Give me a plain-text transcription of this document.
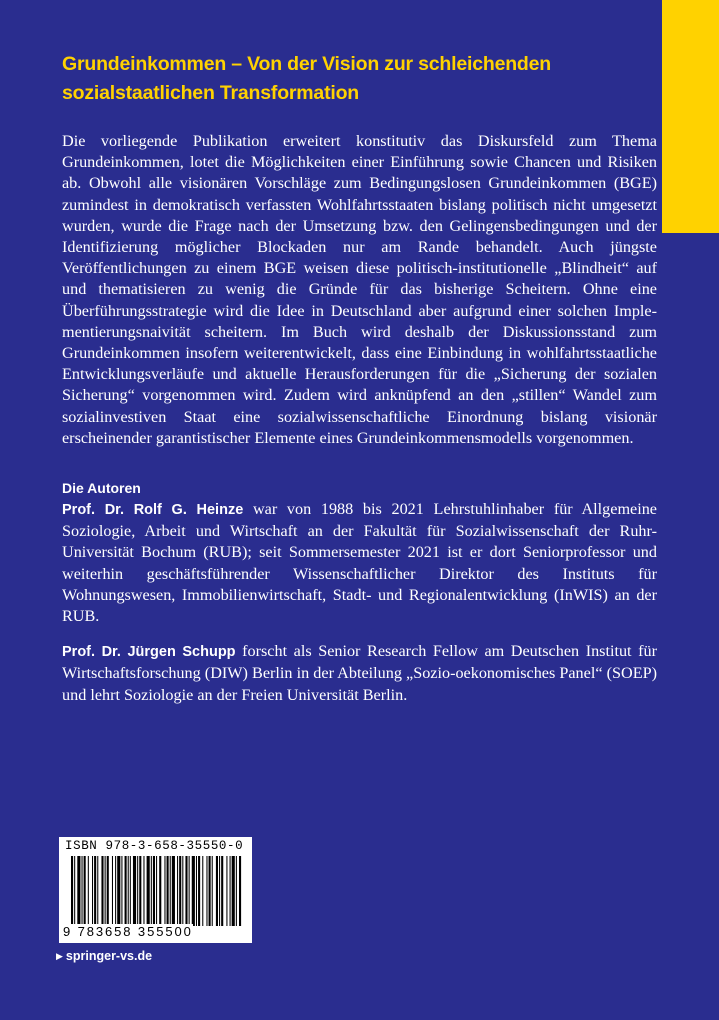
Grundeinkommen – Von der Vision zur schleichenden
sozialstaatlichen Transformation

Die vorliegende Publikation erweitert konstitutiv das Diskursfeld zum Thema Grundeinkommen, lotet die Möglichkeiten einer Einführung sowie Chancen und Risiken ab. Obwohl alle visionären Vorschläge zum Bedingungslosen Grundeinkommen (BGE) zumindest in demokratisch verfassten Wohlfahrtsstaaten bislang politisch nicht umgesetzt wurden, wurde die Frage nach der Umsetzung bzw. den Gelingensbedingungen und der Identifizierung möglicher Blockaden nur am Rande behandelt. Auch jüngste Veröffentlichungen zu einem BGE weisen diese politisch-institutionelle „Blindheit“ auf und thematisieren zu wenig die Gründe für das bisherige Scheitern. Ohne eine Überführungsstrategie wird die Idee in Deutschland aber aufgrund einer solchen Implementierungsnaivität scheitern. Im Buch wird deshalb der Diskussionsstand zum Grundeinkommen insofern weiterentwickelt, dass eine Einbindung in wohlfahrtsstaatliche Entwicklungsverläufe und aktuelle Herausforderungen für die „Sicherung der sozialen Sicherung“ vorgenommen wird. Zudem wird anknüpfend an den „stillen“ Wandel zum sozialinvestiven Staat eine sozialwissenschaftliche Einordnung bislang visionär erscheinender garantistischer Elemente eines Grundeinkommensmodells vorgenommen.

Die Autoren

Prof. Dr. Rolf G. Heinze war von 1988 bis 2021 Lehrstuhlinhaber für Allgemeine Soziologie, Arbeit und Wirtschaft an der Fakultät für Sozialwissenschaft der Ruhr-Universität Bochum (RUB); seit Sommersemester 2021 ist er dort Seniorprofessor und weiterhin geschäftsführender Wissenschaftlicher Direktor des Instituts für Wohnungswesen, Immobilienwirtschaft, Stadt- und Regionalentwicklung (InWIS) an der RUB.

Prof. Dr. Jürgen Schupp forscht als Senior Research Fellow am Deutschen Institut für Wirtschaftsforschung (DIW) Berlin in der Abteilung „Sozio-oekonomisches Panel“ (SOEP) und lehrt Soziologie an der Freien Universität Berlin.

ISBN 978-3-658-35550-0
9 783658 355500
▶ springer-vs.de
